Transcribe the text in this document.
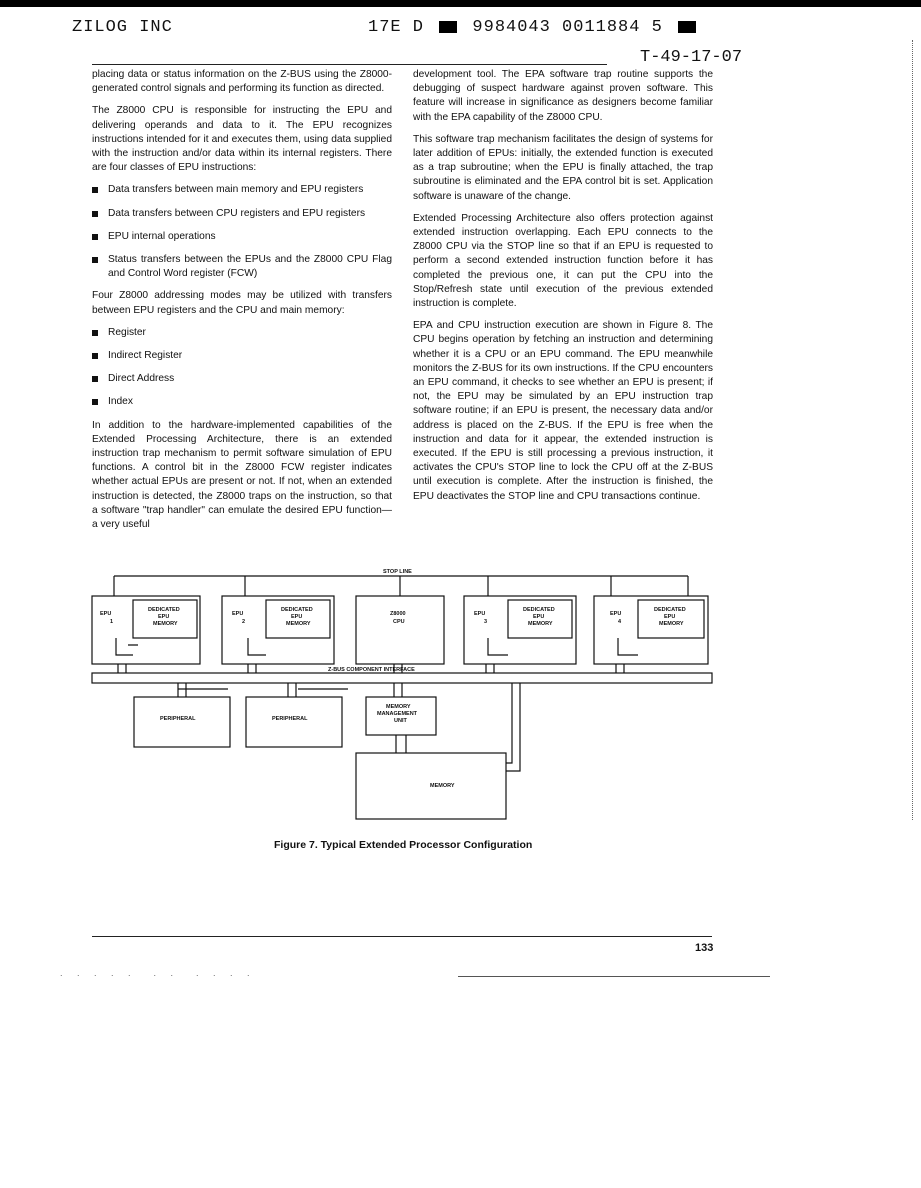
ZILOG INC	17E D	9984043 0011884 5
T-49-17-07

placing data or status information on the Z-BUS using the Z8000-generated control signals and performing its function as directed.

The Z8000 CPU is responsible for instructing the EPU and delivering operands and data to it. The EPU recognizes instructions intended for it and executes them, using data supplied with the instruction and/or data within its internal registers. There are four classes of EPU instructions:

Data transfers between main memory and EPU registers
Data transfers between CPU registers and EPU registers
EPU internal operations
Status transfers between the EPUs and the Z8000 CPU Flag and Control Word register (FCW)

Four Z8000 addressing modes may be utilized with transfers between EPU registers and the CPU and main memory:

Register
Indirect Register
Direct Address
Index

In addition to the hardware-implemented capabilities of the Extended Processing Architecture, there is an extended instruction trap mechanism to permit software simulation of EPU functions. A control bit in the Z8000 FCW register indicates whether actual EPUs are present or not. If not, when an extended instruction is detected, the Z8000 traps on the instruction, so that a software "trap handler" can emulate the desired EPU function—a very useful

development tool. The EPA software trap routine supports the debugging of suspect hardware against proven software. This feature will increase in significance as designers become familiar with the EPA capability of the Z8000 CPU.

This software trap mechanism facilitates the design of systems for later addition of EPUs: initially, the extended function is executed as a trap subroutine; when the EPU is finally attached, the trap subroutine is eliminated and the EPA control bit is set. Application software is unaware of the change.

Extended Processing Architecture also offers protection against extended instruction overlapping. Each EPU connects to the Z8000 CPU via the STOP line so that if an EPU is requested to perform a second extended instruction function before it has completed the previous one, it can put the CPU into the Stop/Refresh state until execution of the previous extended instruction is complete.

EPA and CPU instruction execution are shown in Figure 8. The CPU begins operation by fetching an instruction and determining whether it is a CPU or an EPU command. The EPU meanwhile monitors the Z-BUS for its own instructions. If the CPU encounters an EPU command, it checks to see whether an EPU is present; if not, the EPU may be simulated by an EPU instruction trap software routine; if an EPU is present, the necessary data and/or address is placed on the Z-BUS. If the EPU is free when the instruction and data for it appear, the extended instruction is executed. If the EPU is still processing a previous instruction, it activates the CPU's STOP line to lock the CPU off at the Z-BUS until execution is complete. After the instruction is finished, the EPU deactivates the STOP line and CPU transactions continue.

STOP LINE
Z-BUS COMPONENT INTERFACE
EPU
1
DEDICATED
EPU
MEMORY
EPU
2
DEDICATED
EPU
MEMORY
Z8000
CPU
EPU
3
DEDICATED
EPU
MEMORY
EPU
4
DEDICATED
EPU
MEMORY
PERIPHERAL	PERIPHERAL
MEMORY
MANAGEMENT
UNIT
MEMORY
Figure 7. Typical Extended Processor Configuration
133
. . . . .  . .  . . . .
